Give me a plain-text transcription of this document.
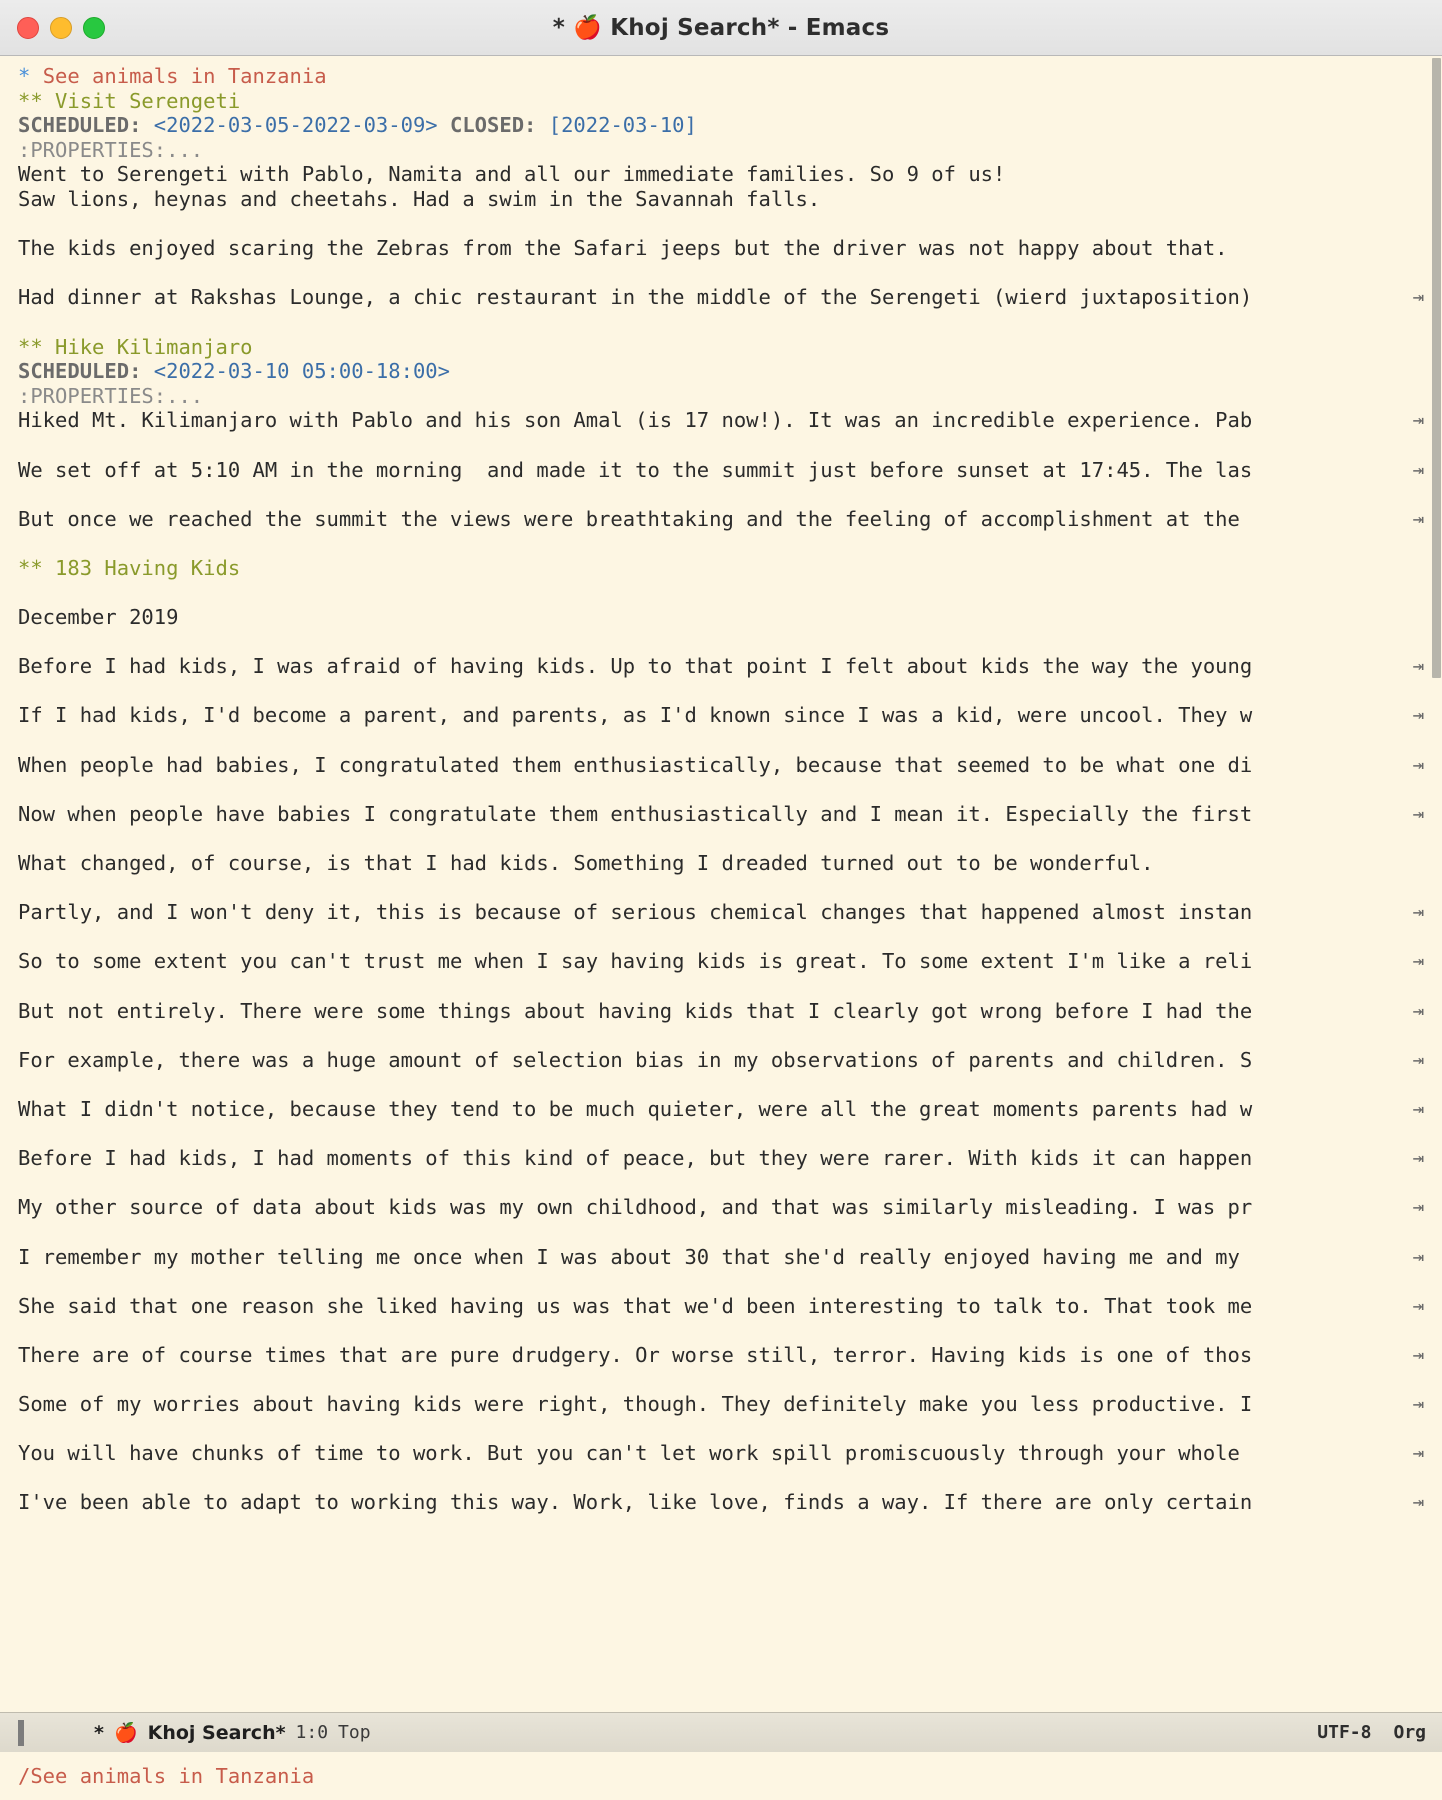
* 🍎 Khoj Search* - Emacs
* See animals in Tanzania
** Visit Serengeti
SCHEDULED: <2022-03-05-2022-03-09> CLOSED: [2022-03-10]
:PROPERTIES:...
Went to Serengeti with Pablo, Namita and all our immediate families. So 9 of us!
Saw lions, heynas and cheetahs. Had a swim in the Savannah falls.

The kids enjoyed scaring the Zebras from the Safari jeeps but the driver was not happy about that.

Had dinner at Rakshas Lounge, a chic restaurant in the middle of the Serengeti (wierd juxtaposition)	⇥

** Hike Kilimanjaro
SCHEDULED: <2022-03-10 05:00-18:00>
:PROPERTIES:...
Hiked Mt. Kilimanjaro with Pablo and his son Amal (is 17 now!). It was an incredible experience. Pab	⇥

We set off at 5:10 AM in the morning  and made it to the summit just before sunset at 17:45. The las	⇥

But once we reached the summit the views were breathtaking and the feeling of accomplishment at the	⇥

** 183 Having Kids

December 2019

Before I had kids, I was afraid of having kids. Up to that point I felt about kids the way the young	⇥

If I had kids, I'd become a parent, and parents, as I'd known since I was a kid, were uncool. They w	⇥

When people had babies, I congratulated them enthusiastically, because that seemed to be what one di	⇥

Now when people have babies I congratulate them enthusiastically and I mean it. Especially the first	⇥

What changed, of course, is that I had kids. Something I dreaded turned out to be wonderful.

Partly, and I won't deny it, this is because of serious chemical changes that happened almost instan	⇥

So to some extent you can't trust me when I say having kids is great. To some extent I'm like a reli	⇥

But not entirely. There were some things about having kids that I clearly got wrong before I had the	⇥

For example, there was a huge amount of selection bias in my observations of parents and children. S	⇥

What I didn't notice, because they tend to be much quieter, were all the great moments parents had w	⇥

Before I had kids, I had moments of this kind of peace, but they were rarer. With kids it can happen	⇥

My other source of data about kids was my own childhood, and that was similarly misleading. I was pr	⇥

I remember my mother telling me once when I was about 30 that she'd really enjoyed having me and my	⇥

She said that one reason she liked having us was that we'd been interesting to talk to. That took me	⇥

There are of course times that are pure drudgery. Or worse still, terror. Having kids is one of thos	⇥

Some of my worries about having kids were right, though. They definitely make you less productive. I	⇥

You will have chunks of time to work. But you can't let work spill promiscuously through your whole	⇥

I've been able to adapt to working this way. Work, like love, finds a way. If there are only certain	⇥
* 🍎 Khoj Search* 1:0 Top	UTF-8 Org
/See animals in Tanzania
